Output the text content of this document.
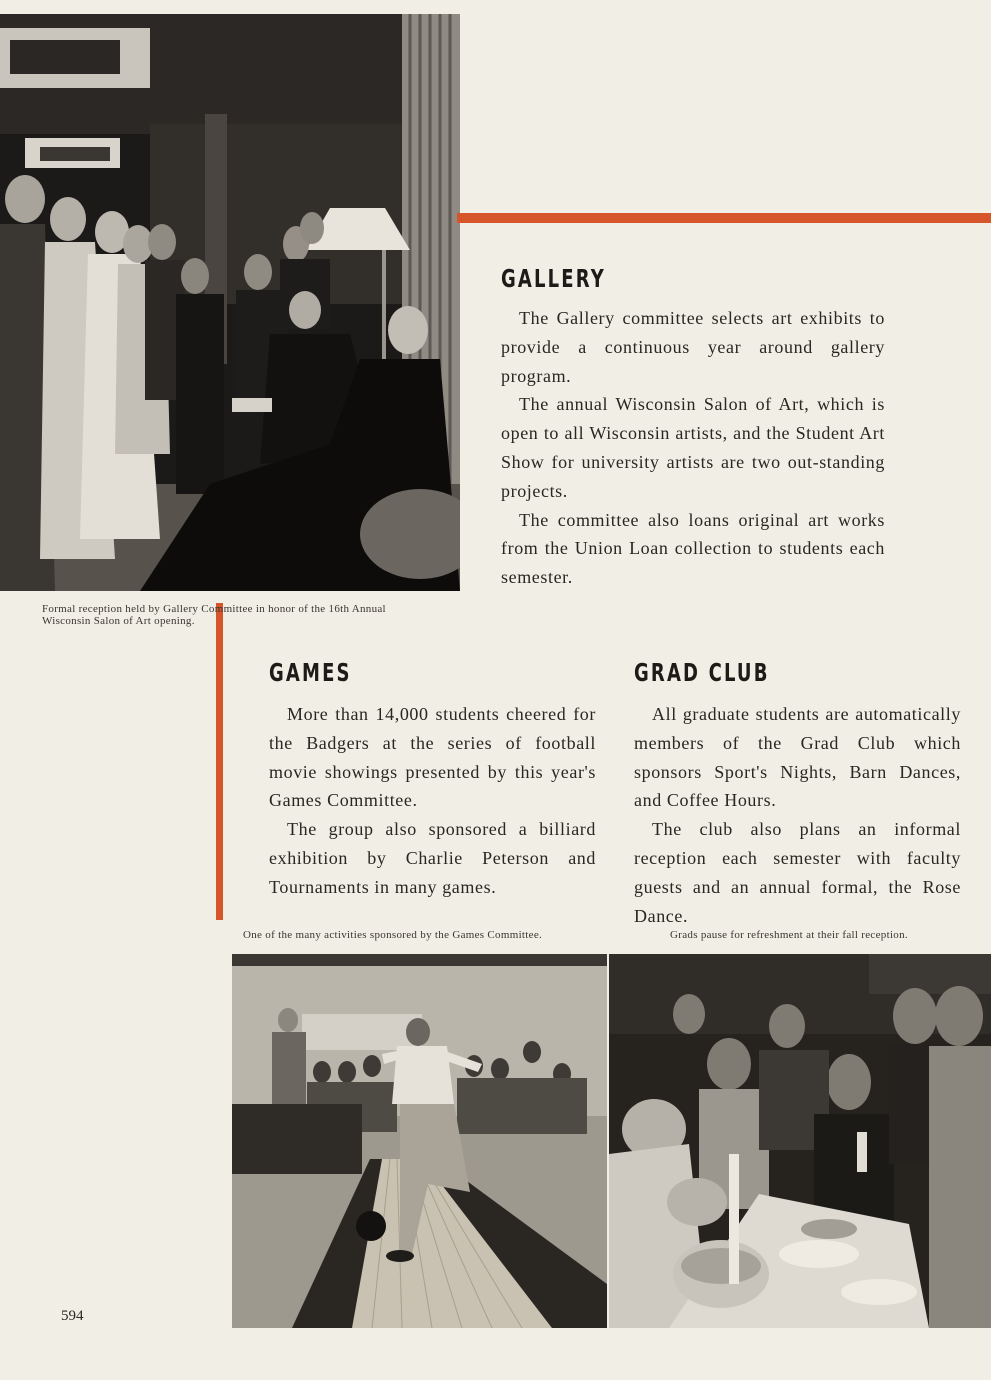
Formal reception held by Gallery Committee in honor of the 16th Annual Wisconsin Salon of Art opening.

GALLERY

The Gallery committee selects art exhibits to provide a continuous year around gallery program.

The annual Wisconsin Salon of Art, which is open to all Wisconsin artists, and the Student Art Show for university artists are two out-standing projects.

The committee also loans original art works from the Union Loan collection to students each semester.

GAMES

More than 14,000 students cheered for the Badgers at the series of football movie showings presented by this year's Games Committee.

The group also sponsored a billiard exhibition by Charlie Peterson and Tournaments in many games.

GRAD CLUB

All graduate students are automatically members of the Grad Club which sponsors Sport's Nights, Barn Dances, and Coffee Hours.

The club also plans an informal reception each semester with faculty guests and an annual formal, the Rose Dance.

One of the many activities sponsored by the Games Committee.	Grads pause for refreshment at their fall reception.

594
